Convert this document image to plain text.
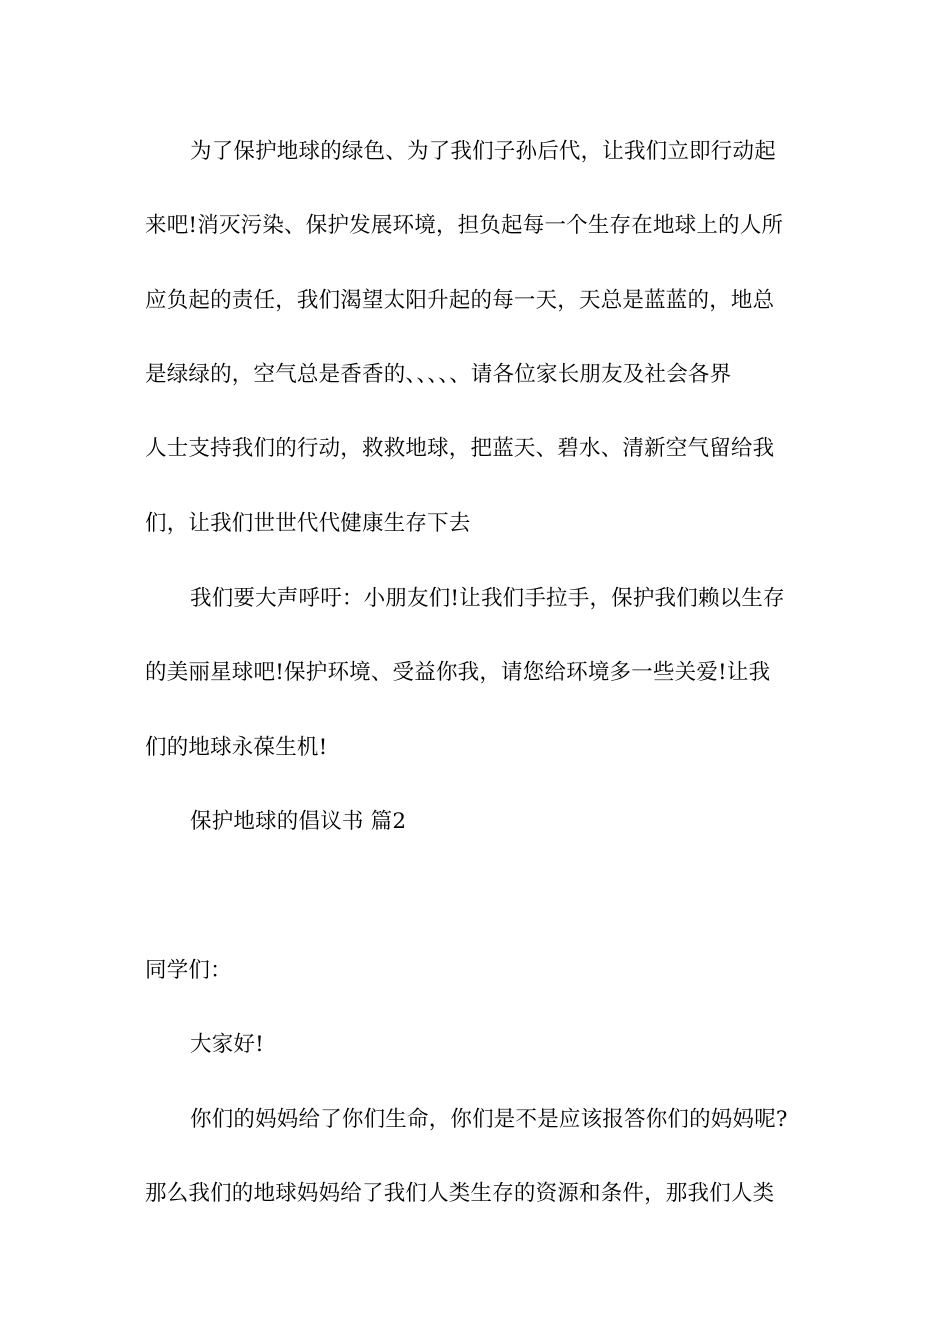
为了保护地球的绿色、为了我们子孙后代，让我们立即行动起
来吧!消灭污染、保护发展环境，担负起每一个生存在地球上的人所
应负起的责任，我们渴望太阳升起的每一天，天总是蓝蓝的，地总
是绿绿的，空气总是香香的、、、、、请各位家长朋友及社会各界
人士支持我们的行动，救救地球，把蓝天、碧水、清新空气留给我
们，让我们世世代代健康生存下去
我们要大声呼吁：小朋友们!让我们手拉手，保护我们赖以生存
的美丽星球吧!保护环境、受益你我，请您给环境多一些关爱!让我
们的地球永葆生机!
保护地球的倡议书 篇2
同学们：
大家好!
你们的妈妈给了你们生命，你们是不是应该报答你们的妈妈呢?
那么我们的地球妈妈给了我们人类生存的资源和条件，那我们人类
